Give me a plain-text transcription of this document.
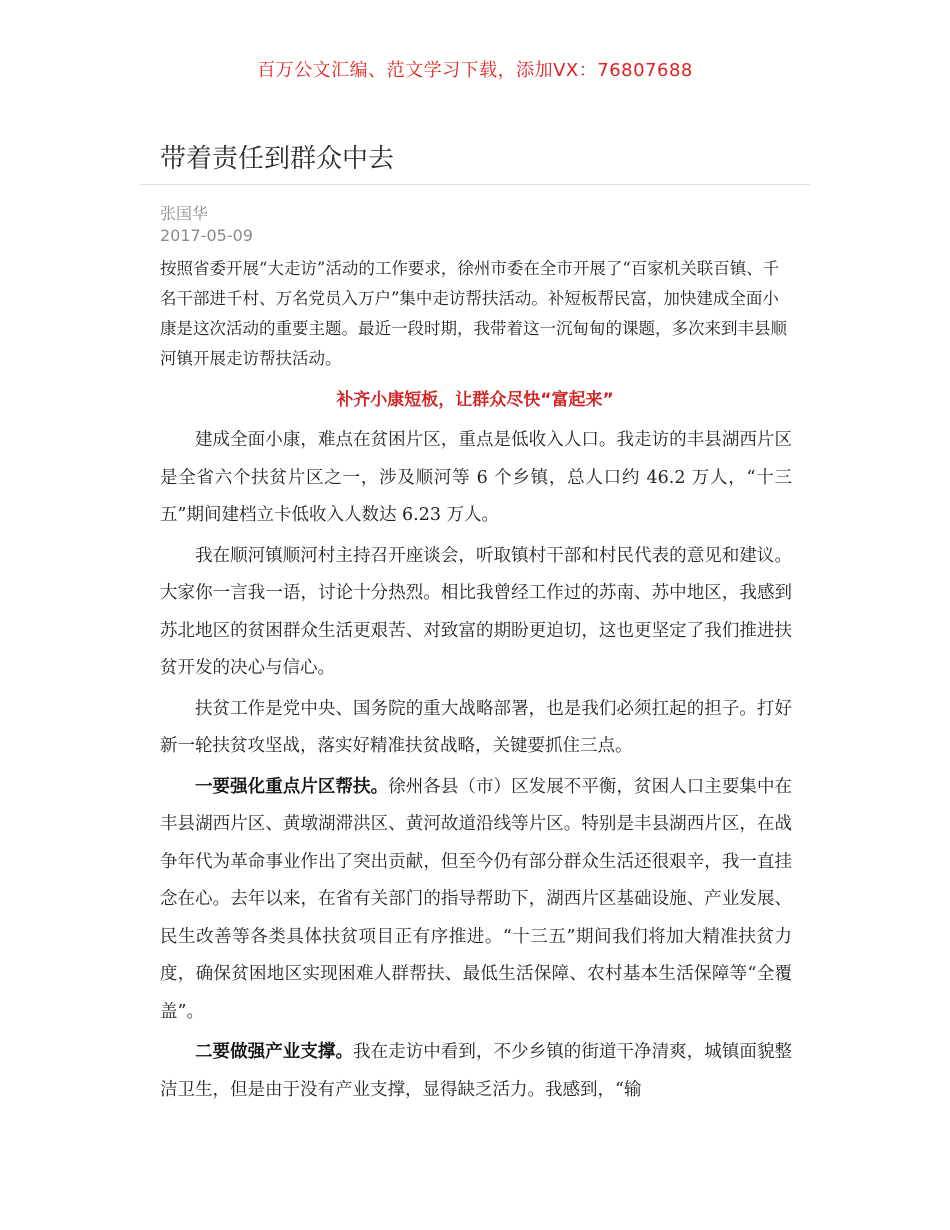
百万公文汇编、范文学习下载，添加VX：76807688
带着责任到群众中去
张国华
2017-05-09

按照省委开展“大走访”活动的工作要求，徐州市委在全市开展了“百家机关联百镇、千名干部进千村、万名党员入万户”集中走访帮扶活动。补短板帮民富，加快建成全面小康是这次活动的重要主题。最近一段时期，我带着这一沉甸甸的课题，多次来到丰县顺河镇开展走访帮扶活动。

补齐小康短板，让群众尽快“富起来”

建成全面小康，难点在贫困片区，重点是低收入人口。我走访的丰县湖西片区是全省六个扶贫片区之一，涉及顺河等 6 个乡镇，总人口约 46.2 万人，“十三五”期间建档立卡低收入人数达 6.23 万人。

我在顺河镇顺河村主持召开座谈会，听取镇村干部和村民代表的意见和建议。大家你一言我一语，讨论十分热烈。相比我曾经工作过的苏南、苏中地区，我感到苏北地区的贫困群众生活更艰苦、对致富的期盼更迫切，这也更坚定了我们推进扶贫开发的决心与信心。

扶贫工作是党中央、国务院的重大战略部署，也是我们必须扛起的担子。打好新一轮扶贫攻坚战，落实好精准扶贫战略，关键要抓住三点。

一要强化重点片区帮扶。徐州各县（市）区发展不平衡，贫困人口主要集中在丰县湖西片区、黄墩湖滞洪区、黄河故道沿线等片区。特别是丰县湖西片区，在战争年代为革命事业作出了突出贡献，但至今仍有部分群众生活还很艰辛，我一直挂念在心。去年以来，在省有关部门的指导帮助下，湖西片区基础设施、产业发展、民生改善等各类具体扶贫项目正有序推进。“十三五”期间我们将加大精准扶贫力度，确保贫困地区实现困难人群帮扶、最低生活保障、农村基本生活保障等“全覆盖”。

二要做强产业支撑。我在走访中看到，不少乡镇的街道干净清爽，城镇面貌整洁卫生，但是由于没有产业支撑，显得缺乏活力。我感到，“输
